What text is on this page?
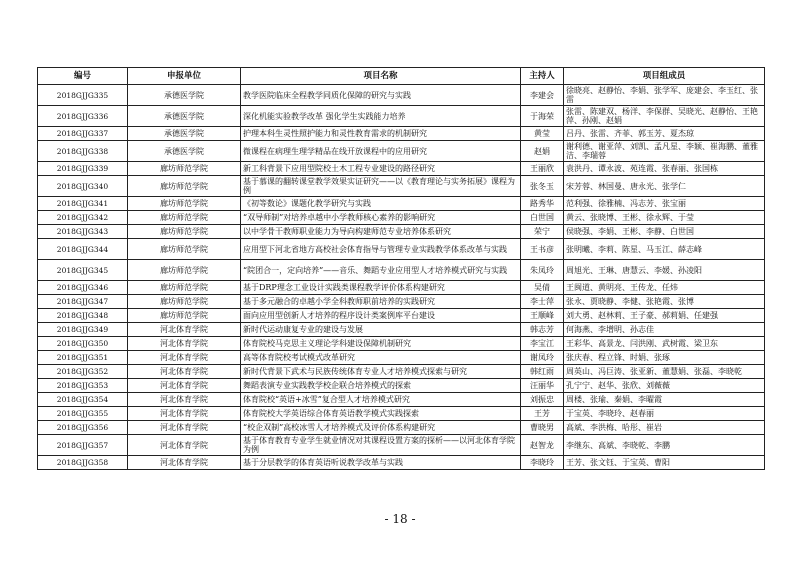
编号	申报单位	项目名称	主持人	项目组成员
2018GJJG335	承德医学院	教学医院临床全程教学同质化保障的研究与实践	李建会	徐晓亮、赵静怡、李娟、张学军、庞建会、李玉红、张雷
2018GJJG336	承德医学院	深化机能实验教学改革 强化学生实践能力培养	于海荣	张雷、陈建双、杨洋、李保群、吴晓光、赵静怡、王艳萍、孙刚、赵娟
2018GJJG337	承德医学院	护理本科生灵性照护能力和灵性教育需求的机制研究	黄莹	吕丹、张雷、齐菲、郭玉芳、夏杰琼
2018GJJG338	承德医学院	微课程在病理生理学精品在线开放课程中的应用研究	赵娟	谢利德、谢亚萍、刘凯、孟凡星、李颖、崔海鹏、董雅洁、李瑞蓉
2018GJJG339	廊坊师范学院	新工科背景下应用型院校土木工程专业建设的路径研究	王丽欣	袁洪丹、谭永波、苑连霞、张春丽、张国栋
2018GJJG340	廊坊师范学院	基于慕课的翻转课堂教学效果实证研究——以《教育理论与实务拓展》课程为例	张冬玉	宋芳蓉、林国曼、唐永光、张学仁
2018GJJG341	廊坊师范学院	《初等数论》课题化教学研究与实践	路秀华	范利强、徐雅楠、冯志芳、张宝丽
2018GJJG342	廊坊师范学院	“双导师制”对培养卓越中小学教师核心素养的影响研究	白世国	黄云、张晓博、王彬、徐永辉、于莹
2018GJJG343	廊坊师范学院	以中学骨干教师职业能力为导向构建师范专业培养体系研究	荣宁	侯晓强、李娟、王彬、李静、白世国
2018GJJG344	廊坊师范学院	应用型下河北省地方高校社会体育指导与管理专业实践教学体系改革与实践	王书彦	张明曦、李莉、陈星、马玉江、薛志峰
2018GJJG345	廊坊师范学院	“院团合一，定向培养”——音乐、舞蹈专业应用型人才培养模式研究与实践	朱凤玲	周旭光、王琳、唐慧云、李媛、孙凌阳
2018GJJG346	廊坊师范学院	基于DRP理念工业设计实践类课程教学评价体系构建研究	吴倩	王闽道、黄明亮、王传龙、任炜
2018GJJG347	廊坊师范学院	基于多元融合的卓越小学全科教师职前培养的实践研究	李士萍	张永、贾晓静、李健、张艳霞、张博
2018GJJG348	廊坊师范学院	面向应用型创新人才培养的程序设计类案例库平台建设	王顺峰	刘大勇、赵林莉、王子豪、郝莉娟、任建强
2018GJJG349	河北体育学院	新时代运动康复专业的建设与发展	韩志芳	何海燕、李增明、孙志佳
2018GJJG350	河北体育学院	体育院校马克思主义理论学科建设保障机制研究	李宝江	王彩华、高景龙、闫洪刚、武树霞、梁卫东
2018GJJG351	河北体育学院	高等体育院校考试模式改革研究	谢凤玲	张庆春、程立锋、时娟、张琢
2018GJJG352	河北体育学院	新时代背景下武术与民族传统体育专业人才培养模式探索与研究	韩红雨	周英山、冯巨涛、张亚新、董慧娟、张磊、李晓乾
2018GJJG353	河北体育学院	舞蹈表演专业实践教学校企联合培养模式的探索	汪丽华	孔宁宁、赵华、张欣、刘薇薇
2018GJJG354	河北体育学院	体育院校“英语+冰雪”复合型人才培养模式研究	刘振忠	周楼、张瑜、秦娟、李曜霞
2018GJJG355	河北体育学院	体育院校大学英语综合体育英语教学模式实践探索	王芳	于宝英、李晓玲、赵春丽
2018GJJG356	河北体育学院	“校企双制”高校冰雪人才培养模式及评价体系构建研究	曹晓男	高斌、李洪梅、哈彤、崔岩
2018GJJG357	河北体育学院	基于体育教育专业学生就业情况对其课程设置方案的探析——以河北体育学院为例	赵智龙	李继东、高斌、李晓乾、李鹏
2018GJJG358	河北体育学院	基于分层教学的体育英语听说教学改革与实践	李晓玲	王芳、张文钰、于宝英、曹阳
- 18 -
